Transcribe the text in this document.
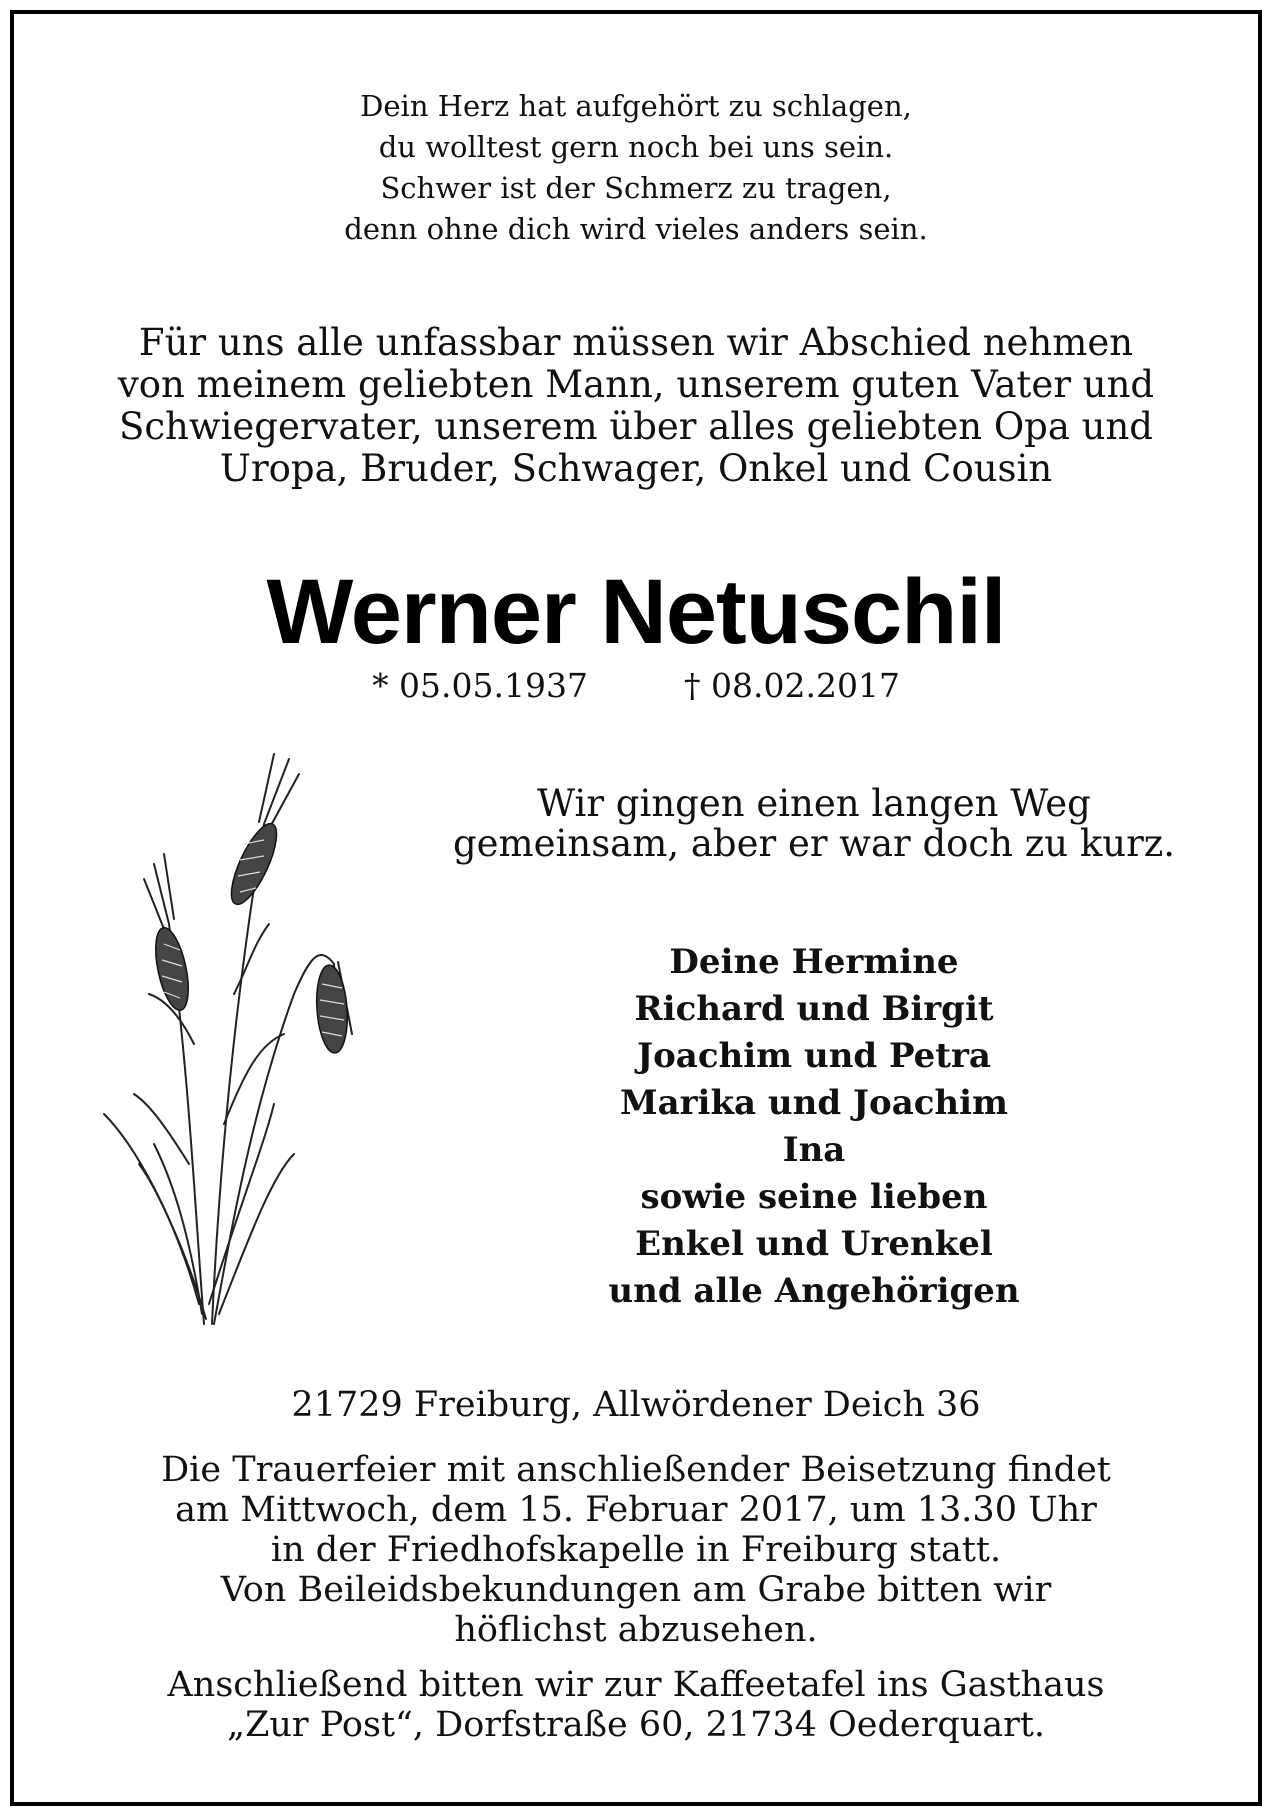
Dein Herz hat aufgehört zu schlagen,
du wolltest gern noch bei uns sein.
Schwer ist der Schmerz zu tragen,
denn ohne dich wird vieles anders sein.
Für uns alle unfassbar müssen wir Abschied nehmen
von meinem geliebten Mann, unserem guten Vater und
Schwiegervater, unserem über alles geliebten Opa und
Uropa, Bruder, Schwager, Onkel und Cousin
Werner Netuschil
* 05.05.1937	† 08.02.2017
Wir gingen einen langen Weg
gemeinsam, aber er war doch zu kurz.
Deine Hermine
Richard und Birgit
Joachim und Petra
Marika und Joachim
Ina
sowie seine lieben
Enkel und Urenkel
und alle Angehörigen
21729 Freiburg, Allwördener Deich 36
Die Trauerfeier mit anschließender Beisetzung findet
am Mittwoch, dem 15. Februar 2017, um 13.30 Uhr
in der Friedhofskapelle in Freiburg statt.
Von Beileidsbekundungen am Grabe bitten wir
höflichst abzusehen.
Anschließend bitten wir zur Kaffeetafel ins Gasthaus
„Zur Post“, Dorfstraße 60, 21734 Oederquart.
